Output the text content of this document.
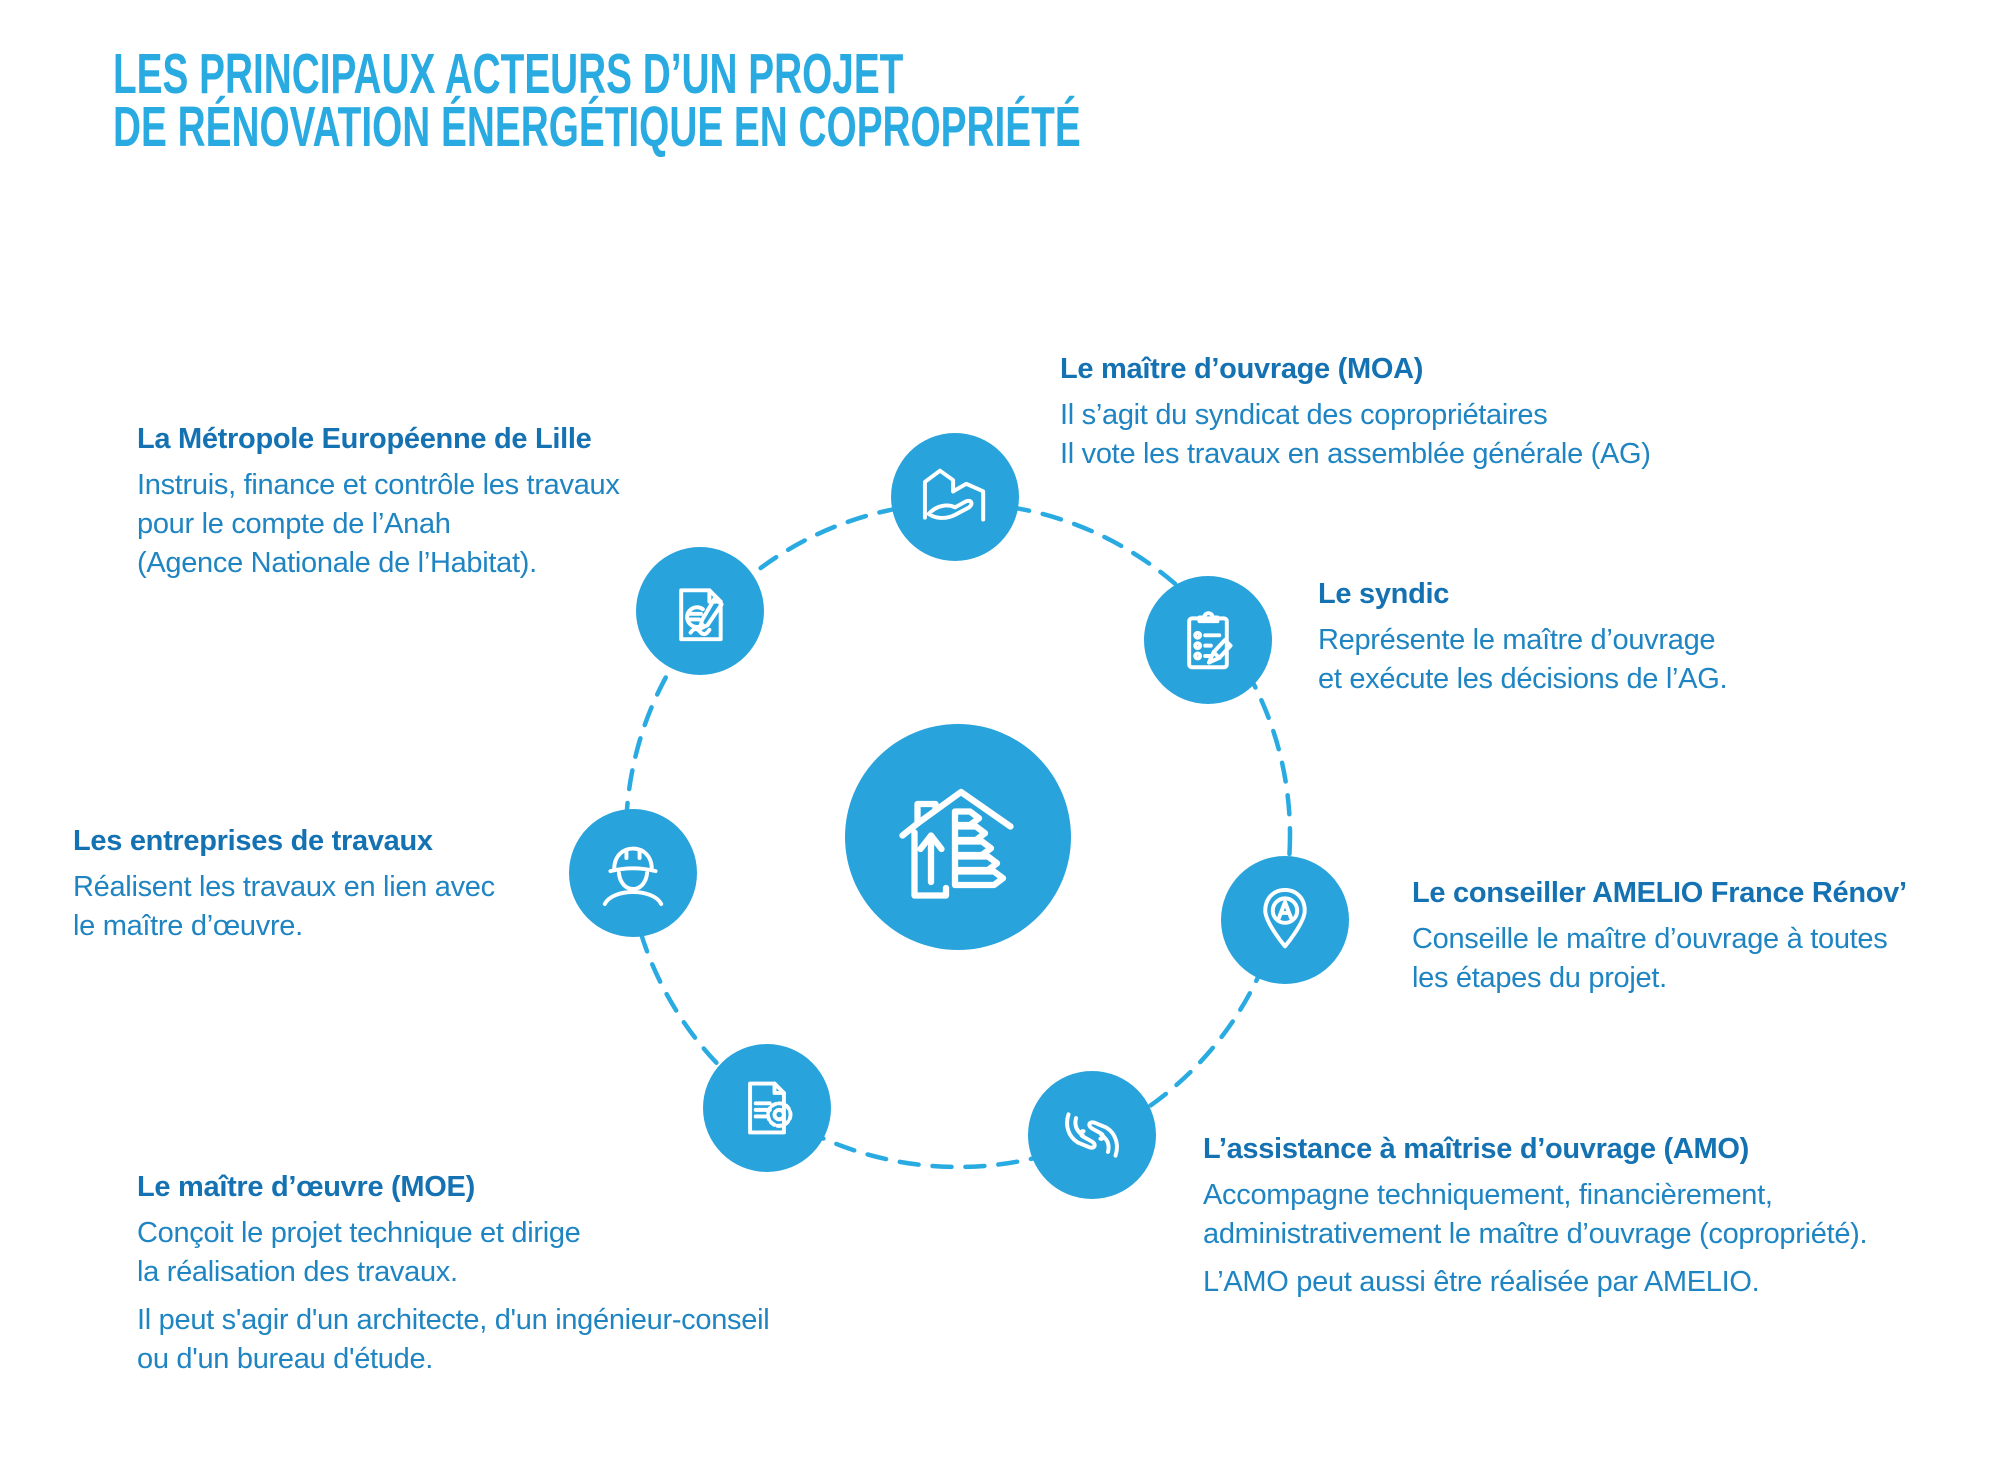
LES PRINCIPAUX ACTEURS D’UN PROJET
DE RÉNOVATION ÉNERGÉTIQUE EN COPROPRIÉTÉ
Le maître d’ouvrage (MOA)
Il s’agit du syndicat des copropriétaires
Il vote les travaux en assemblée générale (AG)
Le syndic
Représente le maître d’ouvrage
et exécute les décisions de l’AG.
Le conseiller AMELIO France Rénov’
Conseille le maître d’ouvrage à toutes
les étapes du projet.
L’assistance à maîtrise d’ouvrage (AMO)
Accompagne techniquement, financièrement,
administrativement le maître d’ouvrage (copropriété).
L’AMO peut aussi être réalisée par AMELIO.
Le maître d’œuvre (MOE)
Conçoit le projet technique et dirige
la réalisation des travaux.
Il peut s'agir d'un architecte, d'un ingénieur-conseil
ou d'un bureau d'étude.
Les entreprises de travaux
Réalisent les travaux en lien avec
le maître d’œuvre.
La Métropole Européenne de Lille
Instruis, finance et contrôle les travaux
pour le compte de l’Anah
(Agence Nationale de l’Habitat).
